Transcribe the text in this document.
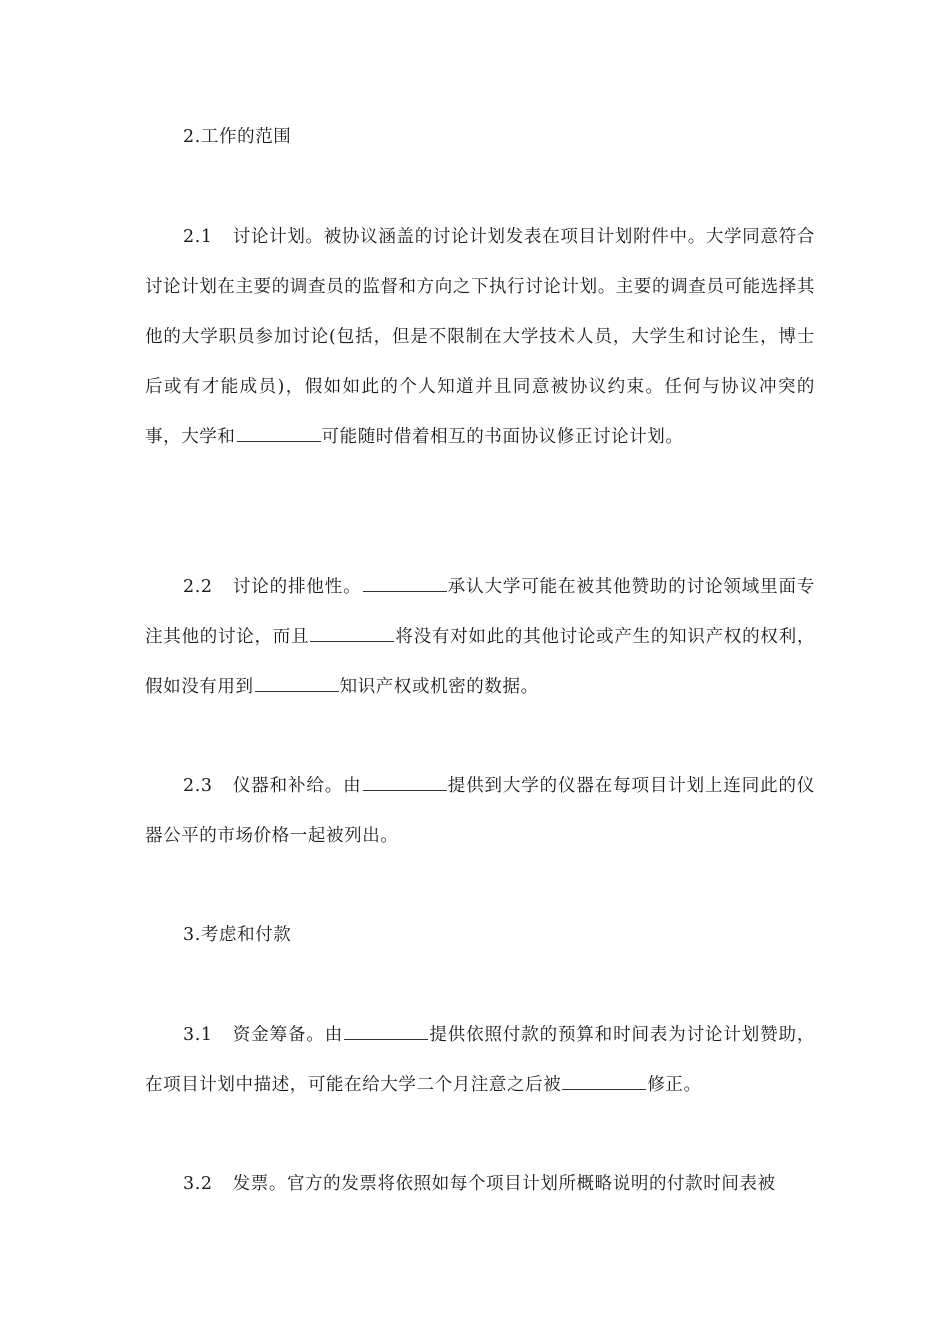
2.工作的范围

2.1 讨论计划。被协议涵盖的讨论计划发表在项目计划附件中。大学同意符合讨论计划在主要的调查员的监督和方向之下执行讨论计划。主要的调查员可能选择其他的大学职员参加讨论(包括，但是不限制在大学技术人员，大学生和讨论生，博士后或有才能成员)，假如如此的个人知道并且同意被协议约束。任何与协议冲突的事，大学和	可能随时借着相互的书面协议修正讨论计划。

2.2 讨论的排他性。	承认大学可能在被其他赞助的讨论领域里面专注其他的讨论，而且	将没有对如此的其他讨论或产生的知识产权的权利，假如没有用到	知识产权或机密的数据。

2.3 仪器和补给。由	提供到大学的仪器在每项目计划上连同此的仪器公平的市场价格一起被列出。

3.考虑和付款

3.1 资金筹备。由	提供依照付款的预算和时间表为讨论计划赞助，在项目计划中描述，可能在给大学二个月注意之后被	修正。

3.2 发票。官方的发票将依照如每个项目计划所概略说明的付款时间表被
